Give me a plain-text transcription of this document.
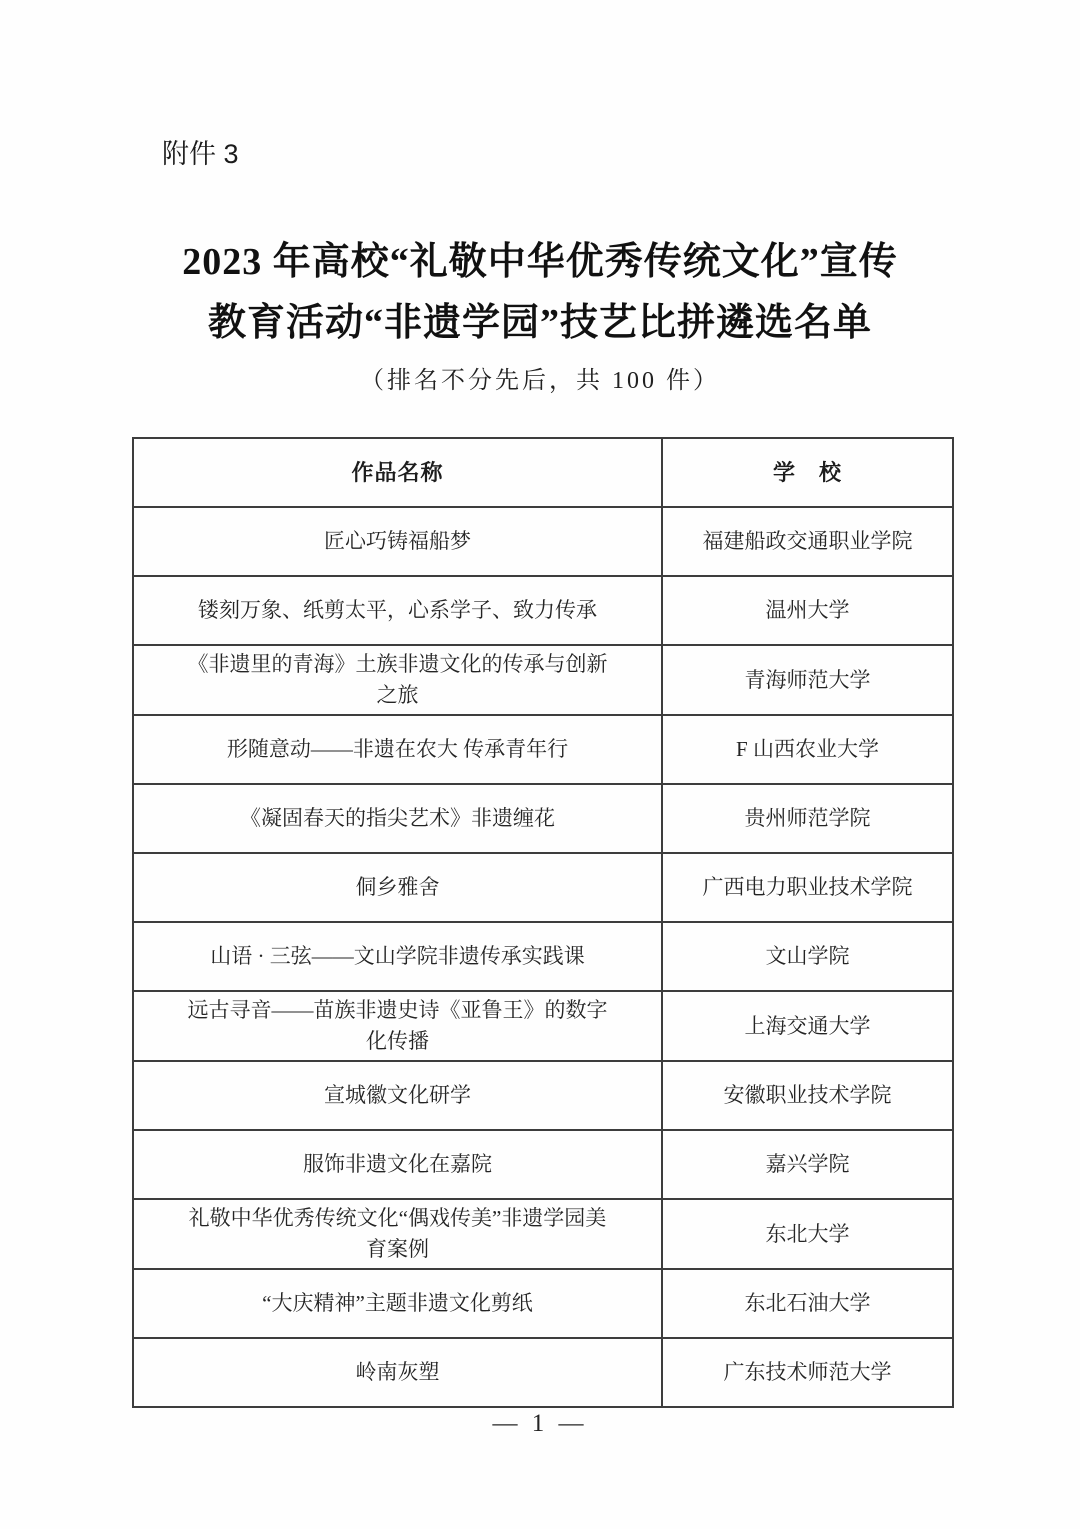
附件 3
2023 年高校“礼敬中华优秀传统文化”宣传
教育活动“非遗学园”技艺比拼遴选名单
（排名不分先后，共 100 件）
作品名称	学　校
匠心巧铸福船梦	福建船政交通职业学院
镂刻万象、纸剪太平，心系学子、致力传承	温州大学
《非遗里的青海》土族非遗文化的传承与创新之旅	青海师范大学
形随意动——非遗在农大 传承青年行	F 山西农业大学
《凝固春天的指尖艺术》非遗缠花	贵州师范学院
侗乡雅舍	广西电力职业技术学院
山语 · 三弦——文山学院非遗传承实践课	文山学院
远古寻音——苗族非遗史诗《亚鲁王》的数字化传播	上海交通大学
宣城徽文化研学	安徽职业技术学院
服饰非遗文化在嘉院	嘉兴学院
礼敬中华优秀传统文化“偶戏传美”非遗学园美育案例	东北大学
“大庆精神”主题非遗文化剪纸	东北石油大学
岭南灰塑	广东技术师范大学
— 1 —
